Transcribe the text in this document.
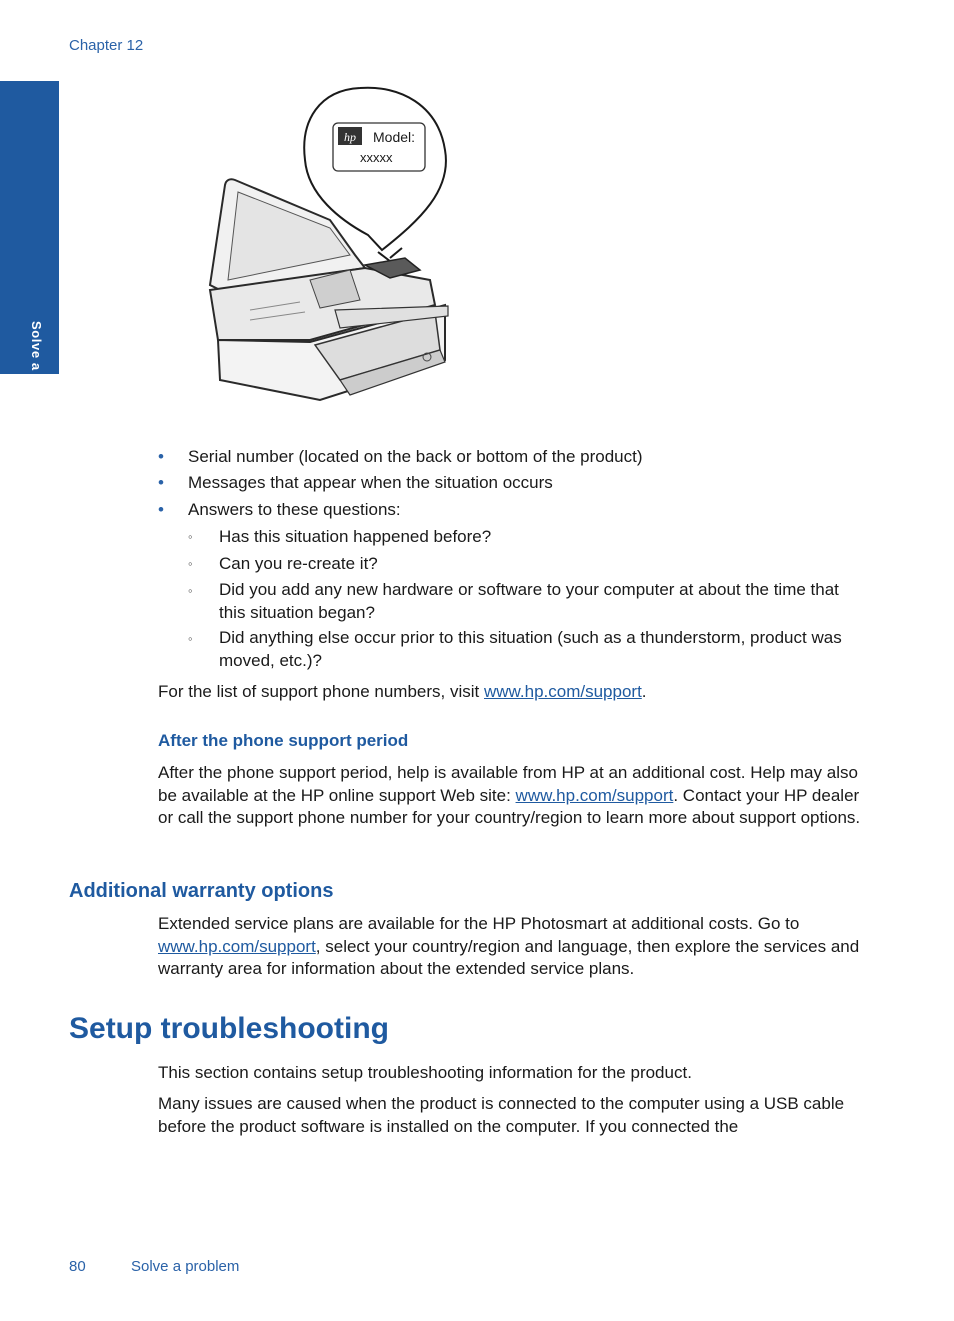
Chapter 12
Solve a problem
hp Model:
xxxxx
• Serial number (located on the back or bottom of the product)
• Messages that appear when the situation occurs
• Answers to these questions:
◦ Has this situation happened before?
◦ Can you re-create it?
◦ Did you add any new hardware or software to your computer at about the time that this situation began?
◦ Did anything else occur prior to this situation (such as a thunderstorm, product was moved, etc.)?
For the list of support phone numbers, visit www.hp.com/support.
After the phone support period
After the phone support period, help is available from HP at an additional cost. Help may also be available at the HP online support Web site: www.hp.com/support. Contact your HP dealer or call the support phone number for your country/region to learn more about support options.
Additional warranty options
Extended service plans are available for the HP Photosmart at additional costs. Go to www.hp.com/support, select your country/region and language, then explore the services and warranty area for information about the extended service plans.
Setup troubleshooting
This section contains setup troubleshooting information for the product.
Many issues are caused when the product is connected to the computer using a USB cable before the product software is installed on the computer. If you connected the
80	Solve a problem
